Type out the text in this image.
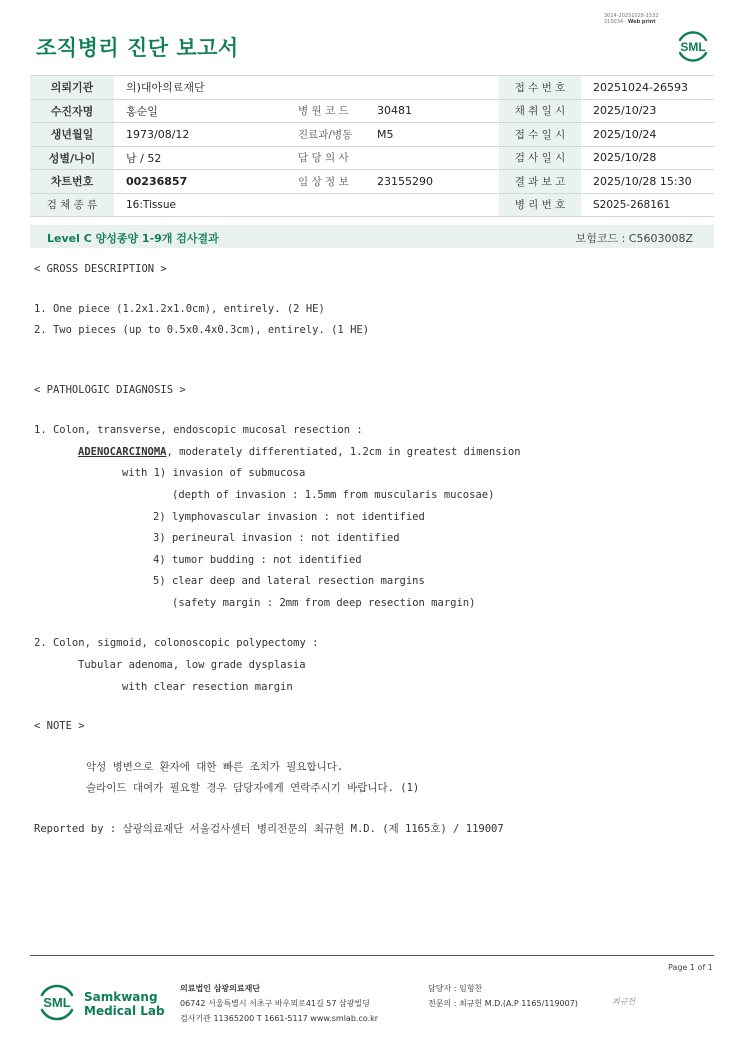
3014-20251028-1532
210034 · Web print
조직병리 진단 보고서	SML
의뢰기관	의)대아의료재단			접 수 번 호	20251024-26593
수진자명	홍순일	병 원 코 드	30481	채 취 일 시	2025/10/23
생년월일	1973/08/12	진료과/병동	M5	접 수 일 시	2025/10/24
성별/나이	남 / 52	담 당 의 사		검 사 일 시	2025/10/28
차트번호	00236857	임 상 정 보	23155290	결 과 보 고	2025/10/28 15:30
검 체 종 류	16:Tissue			병 리 번 호	S2025-268161
Level C 양성종양 1-9개 검사결과	보험코드 : C5603008Z
< GROSS DESCRIPTION >
1. One piece (1.2x1.2x1.0cm), entirely. (2 HE)
2. Two pieces (up to 0.5x0.4x0.3cm), entirely. (1 HE)
< PATHOLOGIC DIAGNOSIS >
1. Colon, transverse, endoscopic mucosal resection :
ADENOCARCINOMA, moderately differentiated, 1.2cm in greatest dimension
with 1) invasion of submucosa
(depth of invasion : 1.5mm from muscularis mucosae)
2) lymphovascular invasion : not identified
3) perineural invasion : not identified
4) tumor budding : not identified
5) clear deep and lateral resection margins
(safety margin : 2mm from deep resection margin)
2. Colon, sigmoid, colonoscopic polypectomy :
Tubular adenoma, low grade dysplasia
with clear resection margin
< NOTE >
악성 병변으로 환자에 대한 빠른 조치가 필요합니다.
슬라이드 대여가 필요할 경우 담당자에게 연락주시기 바랍니다. (1)
Reported by : 삼광의료재단 서울검사센터 병리전문의 최규헌 M.D. (제 1165호) / 119007
Page 1 of 1
SML Samkwang
Medical Lab
의료법인 삼광의료재단
06742 서울특별시 서초구 바우뫼로41길 57 삼광빌딩
검사기관 11365200 T 1661-5117 www.smlab.co.kr
담당자 : 임형찬
전문의 : 최규헌 M.D.(A.P 1165/119007)	최규헌
